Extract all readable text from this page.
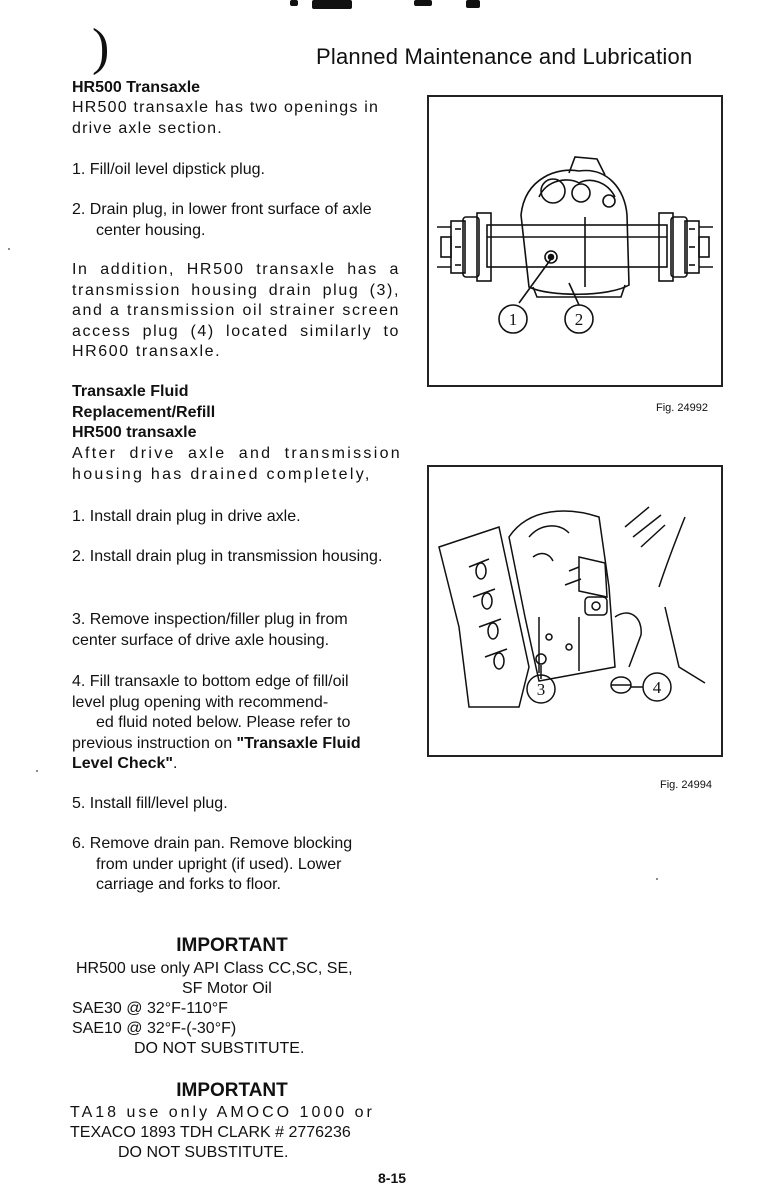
)	Planned Maintenance and Lubrication
HR500 Transaxle
HR500 transaxle has two openings in drive axle section.
1. Fill/oil level dipstick plug.
2. Drain plug, in lower front surface of axle center housing.
In addition, HR500 transaxle has a transmission housing drain plug (3), and a transmission oil strainer screen access plug (4) located similarly to HR600 transaxle.
Transaxle Fluid
Replacement/Refill
HR500 transaxle
After drive axle and transmission housing has drained completely,
1. Install drain plug in drive axle.
2. Install drain plug in transmission housing.
3. Remove inspection/filler plug in from center surface of drive axle housing.
4. Fill transaxle to bottom edge of fill/oil
level plug opening with recommend-
ed fluid noted below. Please refer to
previous instruction on "Transaxle Fluid Level Check".
5. Install fill/level plug.
6. Remove drain pan. Remove blocking from under upright (if used). Lower carriage and forks to floor.
IMPORTANT
HR500 use only API Class CC,SC, SE,
SF Motor Oil
SAE30 @ 32°F-110°F
SAE10 @ 32°F-(-30°F)
DO NOT SUBSTITUTE.
IMPORTANT
TA18 use only AMOCO 1000 or
TEXACO 1893 TDH CLARK # 2776236
DO NOT SUBSTITUTE.
8-15
1	2
Fig. 24992
3	4
Fig. 24994
